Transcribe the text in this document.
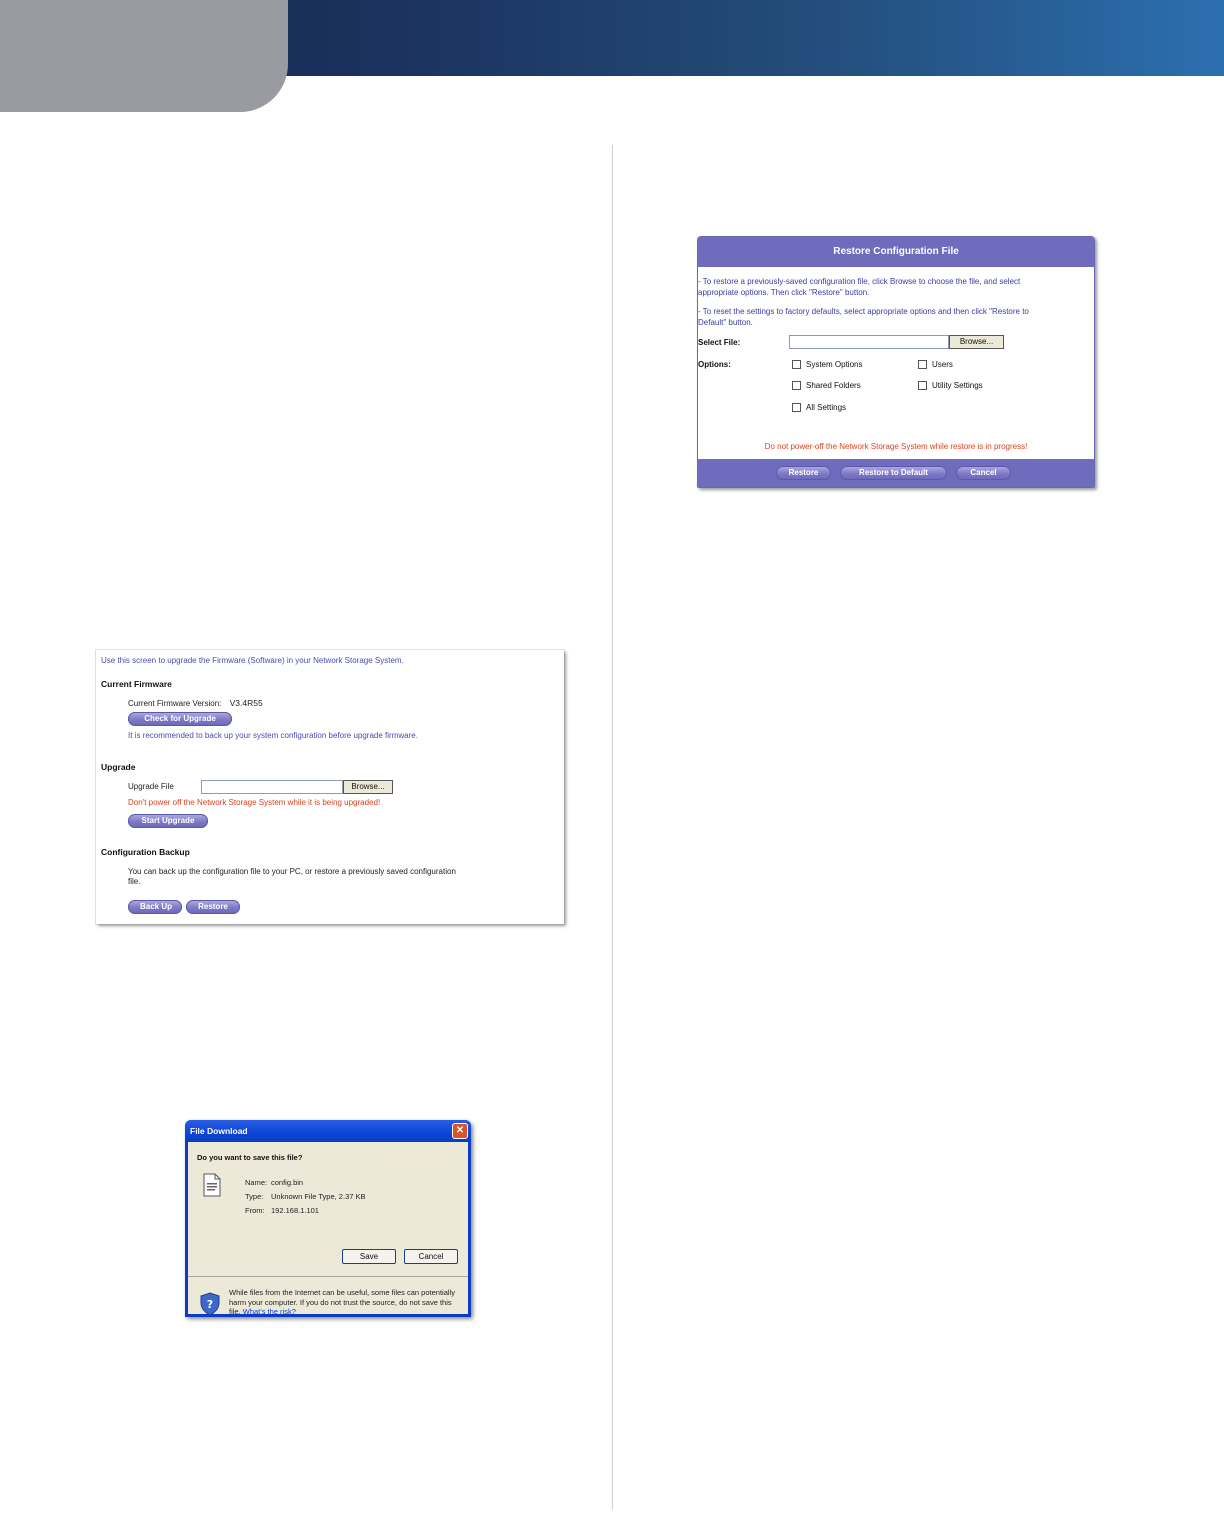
Use this screen to upgrade the Firmware (Software) in your Network Storage System.
Current Firmware
Current Firmware Version: V3.4R55
Check for Upgrade
It is recommended to back up your system configuration before upgrade firmware.
Upgrade
Upgrade File	Browse...
Don't power off the Network Storage System while it is being upgraded!
Start Upgrade
Configuration Backup
You can back up the configuration file to your PC, or restore a previously saved configuration
file.
Back Up	Restore
File Download	✕
Do you want to save this file?
Name: config.bin
Type: Unknown File Type, 2.37 KB
From: 192.168.1.101
Save	Cancel
?
While files from the Internet can be useful, some files can potentially
harm your computer. If you do not trust the source, do not save this
file. What's the risk?
Restore Configuration File
- To restore a previously-saved configuration file, click Browse to choose the file, and select
appropriate options. Then click "Restore" button.
- To reset the settings to factory defaults, select appropriate options and then click "Restore to
Default" button.
Select File:	Browse...
Options:	System Options	Users
Shared Folders	Utility Settings
All Settings
Do not power-off the Network Storage System while restore is in progress!
Restore	Restore to Default	Cancel
